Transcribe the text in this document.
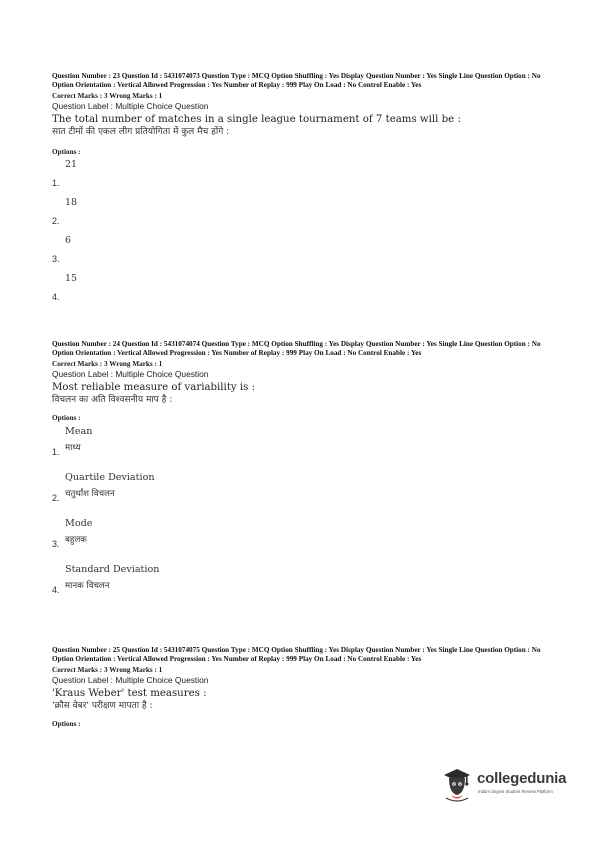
Question Number : 23 Question Id : 5431074073 Question Type : MCQ Option Shuffling : Yes Display Question Number : Yes Single Line Question Option : No Option Orientation : Vertical Allowed Progression : Yes Number of Replay : 999 Play On Load : No Control Enable : Yes
Correct Marks : 3 Wrong Marks : 1
Question Label : Multiple Choice Question
The total number of matches in a single league tournament of 7 teams will be :
सात टीमों की एकल लीग प्रतियोगिता में कुल मैच होंगे :
Options :
1.
21
2.
18
3.
6
4.
15
Question Number : 24 Question Id : 5431074074 Question Type : MCQ Option Shuffling : Yes Display Question Number : Yes Single Line Question Option : No Option Orientation : Vertical Allowed Progression : Yes Number of Replay : 999 Play On Load : No Control Enable : Yes
Correct Marks : 3 Wrong Marks : 1
Question Label : Multiple Choice Question
Most reliable measure of variability is :
विचलन का अति विश्वसनीय माप है :
Options :
Mean
माध्य
1.
Quartile Deviation
चतुर्थांश विचलन
2.
Mode
बहुलक
3.
Standard Deviation
मानक विचलन
4.
Question Number : 25 Question Id : 5431074075 Question Type : MCQ Option Shuffling : Yes Display Question Number : Yes Single Line Question Option : No Option Orientation : Vertical Allowed Progression : Yes Number of Replay : 999 Play On Load : No Control Enable : Yes
Correct Marks : 3 Wrong Marks : 1
Question Label : Multiple Choice Question
'Kraus Weber' test measures :
'क्रौस वेबर' परीक्षण मापता है :
Options :
collegedunia
India's largest Student Review Platform
